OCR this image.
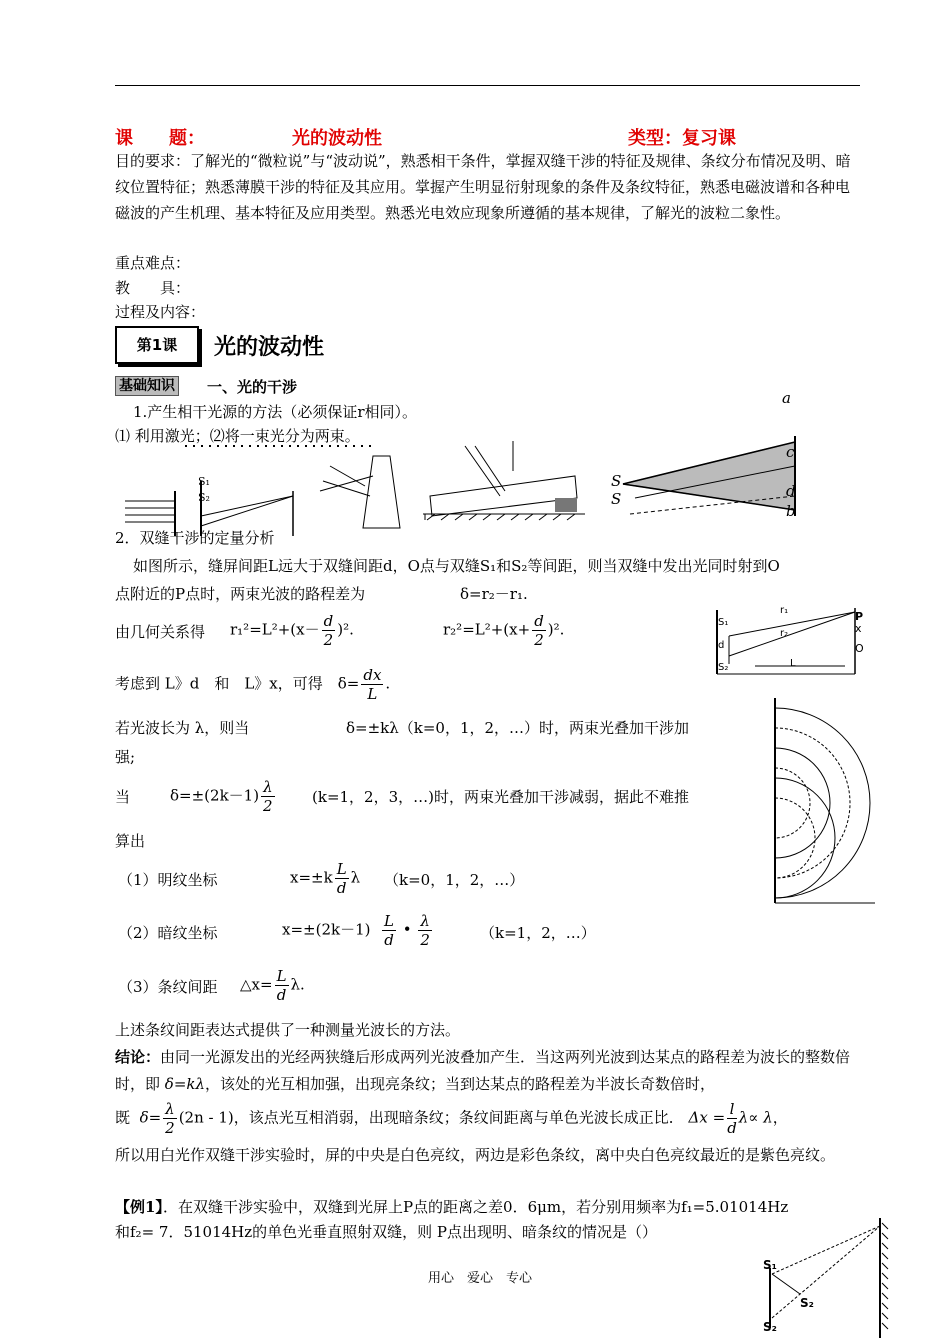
课　　题：	光的波动性	类型：复习课
目的要求：了解光的“微粒说”与“波动说”，熟悉相干条件，掌握双缝干涉的特征及规律、条纹分布情况及明、暗纹位置特征；熟悉薄膜干涉的特征及其应用。掌握产生明显衍射现象的条件及条纹特征，熟悉电磁波谱和各种电磁波的产生机理、基本特征及应用类型。熟悉光电效应现象所遵循的基本规律，了解光的波粒二象性。
重点难点：
教　　具：
过程及内容：
第1课	光的波动性
基础知识 一、光的干涉
1.产生相干光源的方法（必须保证r相同）。
⑴ 利用激光；⑵将一束光分为两束。
S₁
S₂
a
c
d
b
S
S
2．双缝干涉的定量分析
如图所示，缝屏间距L远大于双缝间距d，O点与双缝S₁和S₂等间距，则当双缝中发出光同时射到O
点附近的P点时，两束光波的路程差为	δ=r₂－r₁.
由几何关系得 $r_1^2=L^2+(x- \frac{d}{2} )^2$.	$r_2^2=L^2+(x+ \frac{d}{2} )^2$.
考虑到 L》d　和　L》x，可得　$\delta= \frac{dx}{L}$ .
若光波长为 λ，则当	δ=±kλ（k=0，1，2，…）时，两束光叠加干涉加
强;
当	$\delta=\pm(2k-1) \frac{\lambda}{2} (k=1$，2，3，…)时，两束光叠加干涉减弱，据此不难推
算出
（1）明纹坐标	$x=\pm k \frac{L}{d}$ λ （k=0，1，2，…）
（2）暗纹坐标	$x=\pm(2k-1) \frac{L}{d}$ • $\frac{\lambda}{2}$	（k=1，2，…）
（3）条纹间距 △x= $\frac{L}{d} \lambda$.
上述条纹间距表达式提供了一种测量光波长的方法。
P
x
O
r₁
r₂
L
S₁
d
S₂
结论：由同一光源发出的光经两狭缝后形成两列光波叠加产生．当这两列光波到达某点的路程差为波长的整数倍时，即 δ=kλ，该处的光互相加强，出现亮条纹；当到达某点的路程差为半波长奇数倍时，
既 $\delta= \frac{\lambda}{2} (2n - 1)$，该点光互相消弱，出现暗条纹；条纹间距离与单色光波长成正比． $\Delta x = \frac{l}{d} \lambda\propto \lambda$，
所以用白光作双缝干涉实验时，屏的中央是白色亮纹，两边是彩色条纹，离中央白色亮纹最近的是紫色亮纹。
【例1】．在双缝干涉实验中，双缝到光屏上P点的距离之差0．6μm，若分别用频率为f₁=5.01014Hz
和f₂= 7．51014Hz的单色光垂直照射双缝，则 P点出现明、暗条纹的情况是（）
S₁
S₂
S₂
用心　爱心　专心
